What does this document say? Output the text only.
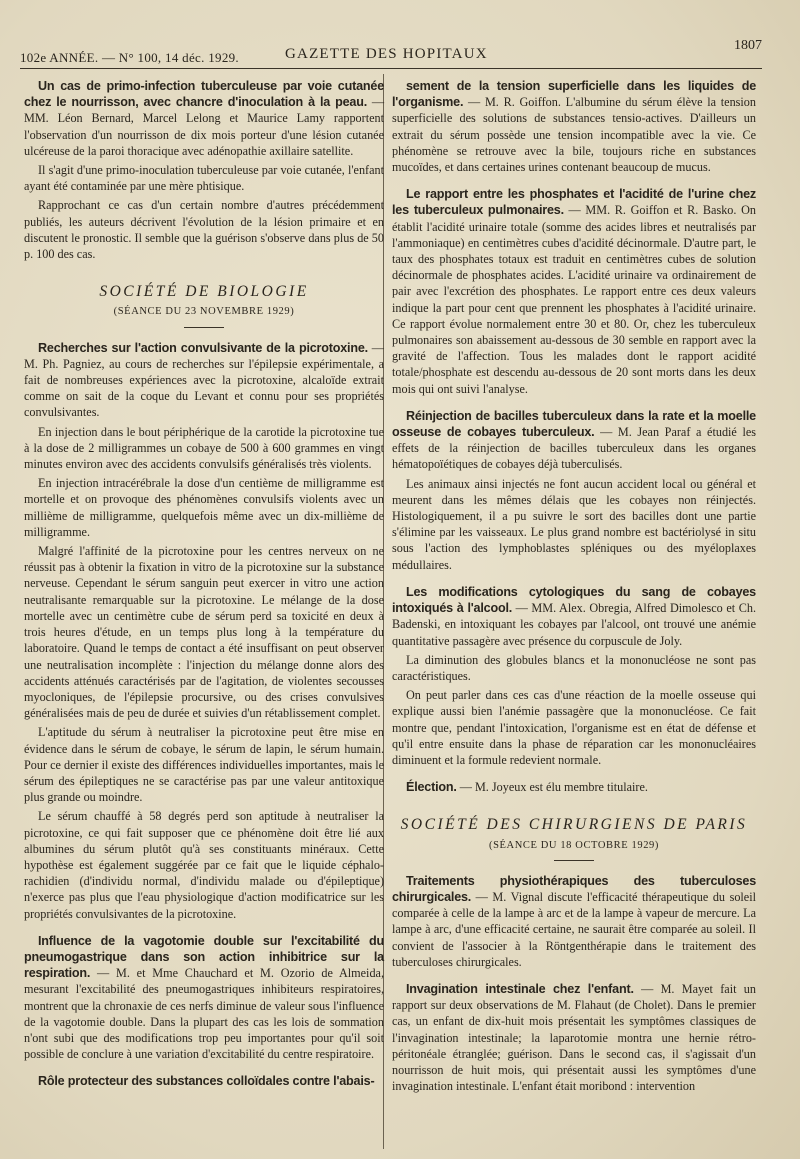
102e ANNÉE. — N° 100, 14 déc. 1929.	GAZETTE DES HOPITAUX
1807

Un cas de primo-infection tuberculeuse par voie cutanée chez le nourrisson, avec chancre d'inoculation à la peau. — MM. Léon Bernard, Marcel Lelong et Maurice Lamy rapportent l'observation d'un nourrisson de dix mois porteur d'une lésion cutanée ulcéreuse de la paroi thoracique avec adénopathie axillaire satellite.

Il s'agit d'une primo-inoculation tuberculeuse par voie cutanée, l'enfant ayant été contaminée par une mère phtisique.

Rapprochant ce cas d'un certain nombre d'autres précédemment publiés, les auteurs décrivent l'évolution de la lésion primaire et en discutent le pronostic. Il semble que la guérison s'observe dans plus de 50 p. 100 des cas.

SOCIÉTÉ DE BIOLOGIE
(SÉANCE DU 23 NOVEMBRE 1929)

Recherches sur l'action convulsivante de la picrotoxine. — M. Ph. Pagniez, au cours de recherches sur l'épilepsie expérimentale, a fait de nombreuses expériences avec la picrotoxine, alcaloïde extrait comme on sait de la coque du Levant et connu pour ses propriétés convulsivantes.

En injection dans le bout périphérique de la carotide la picrotoxine tue à la dose de 2 milligrammes un cobaye de 500 à 600 grammes en vingt minutes environ avec des accidents convulsifs généralisés très violents.

En injection intracérébrale la dose d'un centième de milligramme est mortelle et on provoque des phénomènes convulsifs violents avec un millième de milligramme, quelquefois même avec un dix-millième de milligramme.

Malgré l'affinité de la picrotoxine pour les centres nerveux on ne réussit pas à obtenir la fixation in vitro de la picrotoxine sur la substance nerveuse. Cependant le sérum sanguin peut exercer in vitro une action neutralisante remarquable sur la picrotoxine. Le mélange de la dose mortelle avec un centimètre cube de sérum perd sa toxicité en deux à trois heures d'étude, en un temps plus long à la température du laboratoire. Quand le temps de contact a été insuffisant on peut observer une neutralisation incomplète : l'injection du mélange donne alors des accidents atténués caractérisés par de l'agitation, de violentes secousses myocloniques, de l'épilepsie procursive, ou des crises convulsives généralisées mais de peu de durée et suivies d'un rétablissement complet.

L'aptitude du sérum à neutraliser la picrotoxine peut être mise en évidence dans le sérum de cobaye, le sérum de lapin, le sérum humain. Pour ce dernier il existe des différences individuelles importantes, mais le sérum des épileptiques ne se caractérise pas par une valeur antitoxique plus grande ou moindre.

Le sérum chauffé à 58 degrés perd son aptitude à neutraliser la picrotoxine, ce qui fait supposer que ce phénomène doit être lié aux albumines du sérum plutôt qu'à ses constituants minéraux. Cette hypothèse est également suggérée par ce fait que le liquide céphalo-rachidien (d'individu normal, d'individu malade ou d'épileptique) n'exerce pas plus que l'eau physiologique d'action modificatrice sur les propriétés convulsivantes de la picrotoxine.

Influence de la vagotomie double sur l'excitabilité du pneumogastrique dans son action inhibitrice sur la respiration. — M. et Mme Chauchard et M. Ozorio de Almeida, mesurant l'excitabilité des pneumogastriques inhibiteurs respiratoires, montrent que la chronaxie de ces nerfs diminue de valeur sous l'influence de la vagotomie double. Dans la plupart des cas les lois de sommation n'ont subi que des modifications trop peu importantes pour qu'il soit possible de conclure à une variation d'excitabilité du centre respiratoire.

Rôle protecteur des substances colloïdales contre l'abais-

sement de la tension superficielle dans les liquides de l'organisme. — M. R. Goiffon. L'albumine du sérum élève la tension superficielle des solutions de substances tensio-actives. D'ailleurs un extrait du sérum possède une tension incompatible avec la vie. Ce phénomène se retrouve avec la bile, toujours riche en substances mucoïdes, et dans certaines urines contenant beaucoup de mucus.

Le rapport entre les phosphates et l'acidité de l'urine chez les tuberculeux pulmonaires. — MM. R. Goiffon et R. Basko. On établit l'acidité urinaire totale (somme des acides libres et neutralisés par l'ammoniaque) en centimètres cubes d'acidité décinormale. D'autre part, le taux des phosphates totaux est traduit en centimètres cubes de solution décinormale de phosphates acides. L'acidité urinaire va ordinairement de pair avec l'excrétion des phosphates. Le rapport entre ces deux valeurs indique la part pour cent que prennent les phosphates à l'acidité urinaire. Ce rapport évolue normalement entre 30 et 80. Or, chez les tuberculeux pulmonaires son abaissement au-dessous de 30 semble en rapport avec la gravité de l'affection. Tous les malades dont le rapport acidité totale/phosphate est descendu au-dessous de 20 sont morts dans les deux mois qui ont suivi l'analyse.

Réinjection de bacilles tuberculeux dans la rate et la moelle osseuse de cobayes tuberculeux. — M. Jean Paraf a étudié les effets de la réinjection de bacilles tuberculeux dans les organes hématopoïétiques de cobayes déjà tuberculisés.

Les animaux ainsi injectés ne font aucun accident local ou général et meurent dans les mêmes délais que les cobayes non réinjectés. Histologiquement, il a pu suivre le sort des bacilles dont une partie s'élimine par les vaisseaux. Le plus grand nombre est bactériolysé in situ sous l'action des lymphoblastes spléniques ou des myéloplaxes médullaires.

Les modifications cytologiques du sang de cobayes intoxiqués à l'alcool. — MM. Alex. Obregia, Alfred Dimolesco et Ch. Badenski, en intoxiquant les cobayes par l'alcool, ont trouvé une anémie quantitative passagère avec présence du corpuscule de Joly.

La diminution des globules blancs et la mononucléose ne sont pas caractéristiques.

On peut parler dans ces cas d'une réaction de la moelle osseuse qui explique aussi bien l'anémie passagère que la mononucléose. Ce fait montre que, pendant l'intoxication, l'organisme est en état de défense et qu'il entre ensuite dans la phase de réparation car les mononucléaires diminuent et la formule redevient normale.

Élection. — M. Joyeux est élu membre titulaire.

SOCIÉTÉ DES CHIRURGIENS DE PARIS
(SÉANCE DU 18 OCTOBRE 1929)

Traitements physiothérapiques des tuberculoses chirurgicales. — M. Vignal discute l'efficacité thérapeutique du soleil comparée à celle de la lampe à arc et de la lampe à vapeur de mercure. La lampe à arc, d'une efficacité certaine, ne saurait être comparée au soleil. Il convient de l'associer à la Röntgenthérapie dans le traitement des tuberculoses chirurgicales.

Invagination intestinale chez l'enfant. — M. Mayet fait un rapport sur deux observations de M. Flahaut (de Cholet). Dans le premier cas, un enfant de dix-huit mois présentait les symptômes classiques de l'invagination intestinale; la laparotomie montra une hernie rétro-péritonéale étranglée; guérison. Dans le second cas, il s'agissait d'un nourrisson de huit mois, qui présentait aussi les symptômes d'une invagination intestinale. L'enfant était moribond : intervention
